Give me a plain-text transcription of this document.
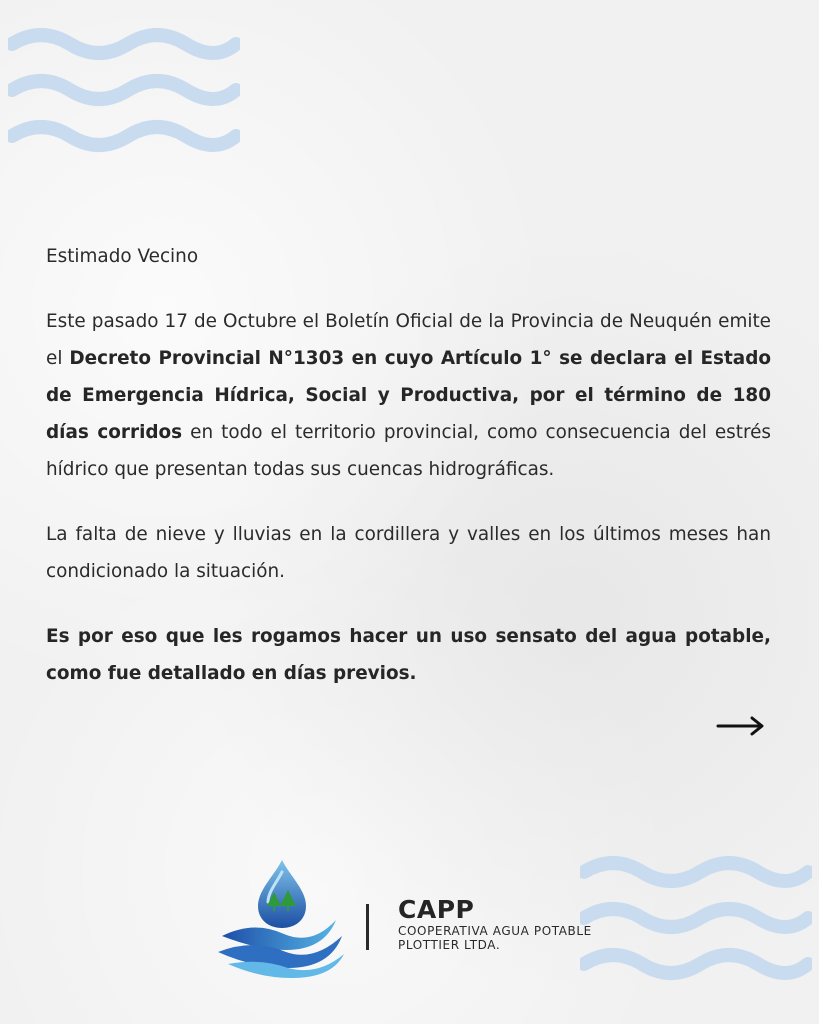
Estimado Vecino

Este pasado 17 de Octubre el Boletín Oficial de la Provincia de Neuquén emite el Decreto Provincial N°1303 en cuyo Artículo 1° se declara el Estado de Emergencia Hídrica, Social y Productiva, por el término de 180 días corridos en todo el territorio provincial, como consecuencia del estrés hídrico que presentan todas sus cuencas hidrográficas.

La falta de nieve y lluvias en la cordillera y valles en los últimos meses han condicionado la situación.

Es por eso que les rogamos hacer un uso sensato del agua potable, como fue detallado en días previos.

CAPP
COOPERATIVA AGUA POTABLE
PLOTTIER LTDA.
